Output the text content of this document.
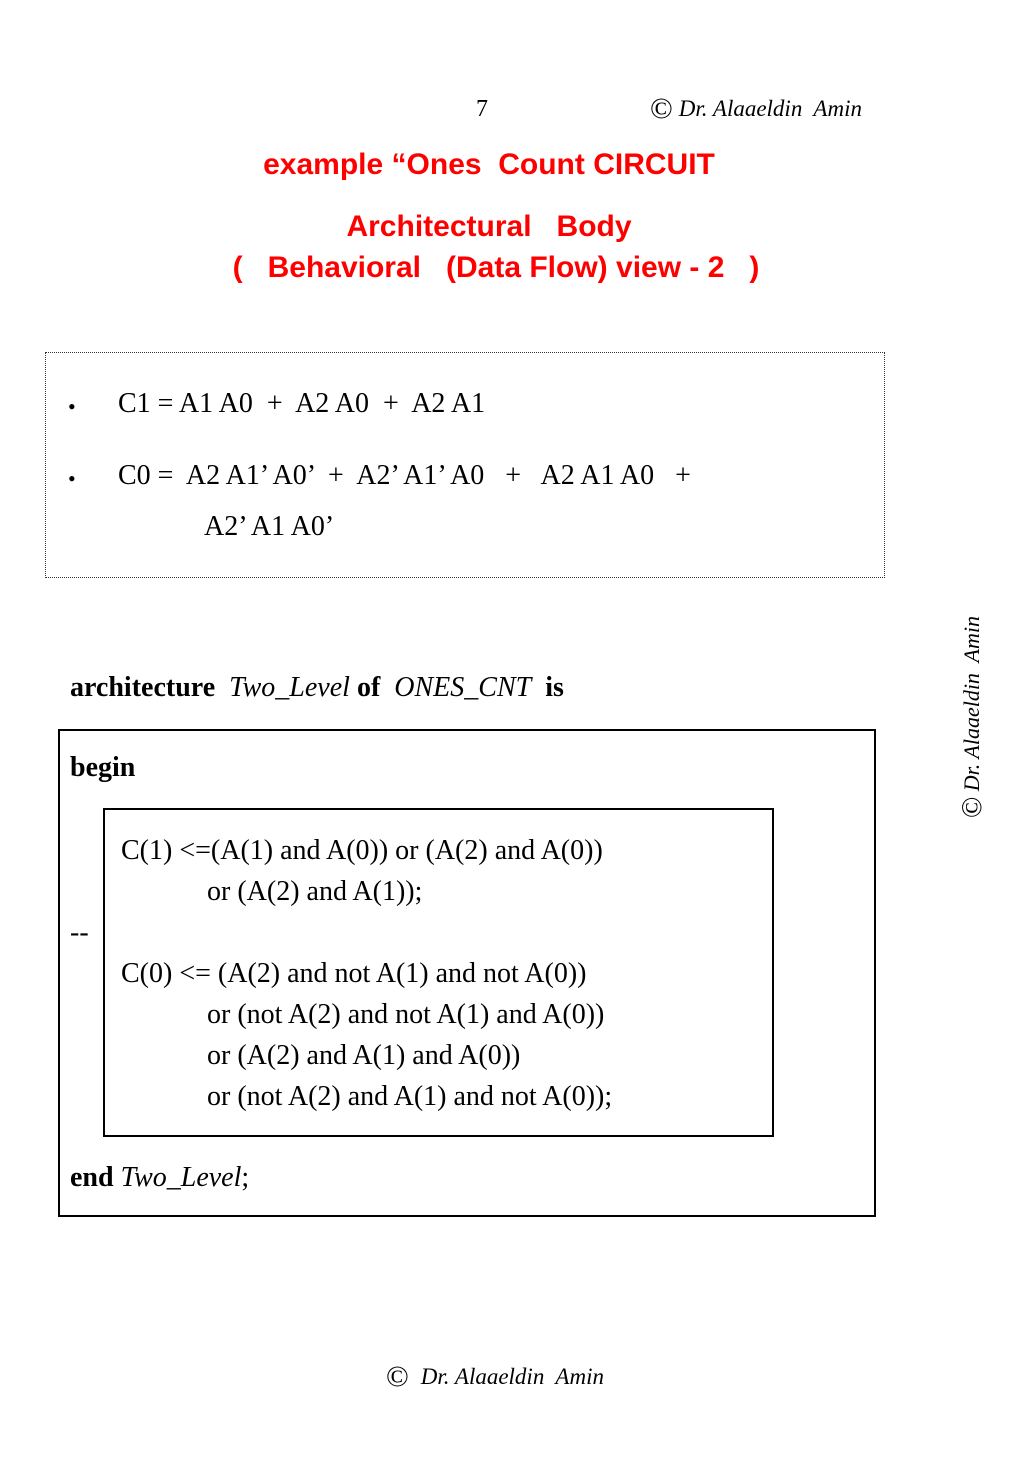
7	© Dr. Alaaeldin  Amin
example “Ones  Count CIRCUIT
Architectural   Body
(   Behavioral   (Data Flow) view - 2   )
• C1 = A1 A0  +  A2 A0  +  A2 A1
• C0 =  A2 A1’ A0’  +  A2’ A1’ A0   +   A2 A1 A0   +
A2’ A1 A0’
architecture Two_Level of ONES_CNT is
begin
C(1) <=(A(1) and A(0)) or (A(2) and A(0))
or (A(2) and A(1));
--
C(0) <= (A(2) and not A(1) and not A(0))
or (not A(2) and not A(1) and A(0))
or (A(2) and A(1) and A(0))
or (not A(2) and A(1) and not A(0));
end Two_Level;
© Dr. Alaaeldin  Amin
© Dr. Alaaeldin  Amin
